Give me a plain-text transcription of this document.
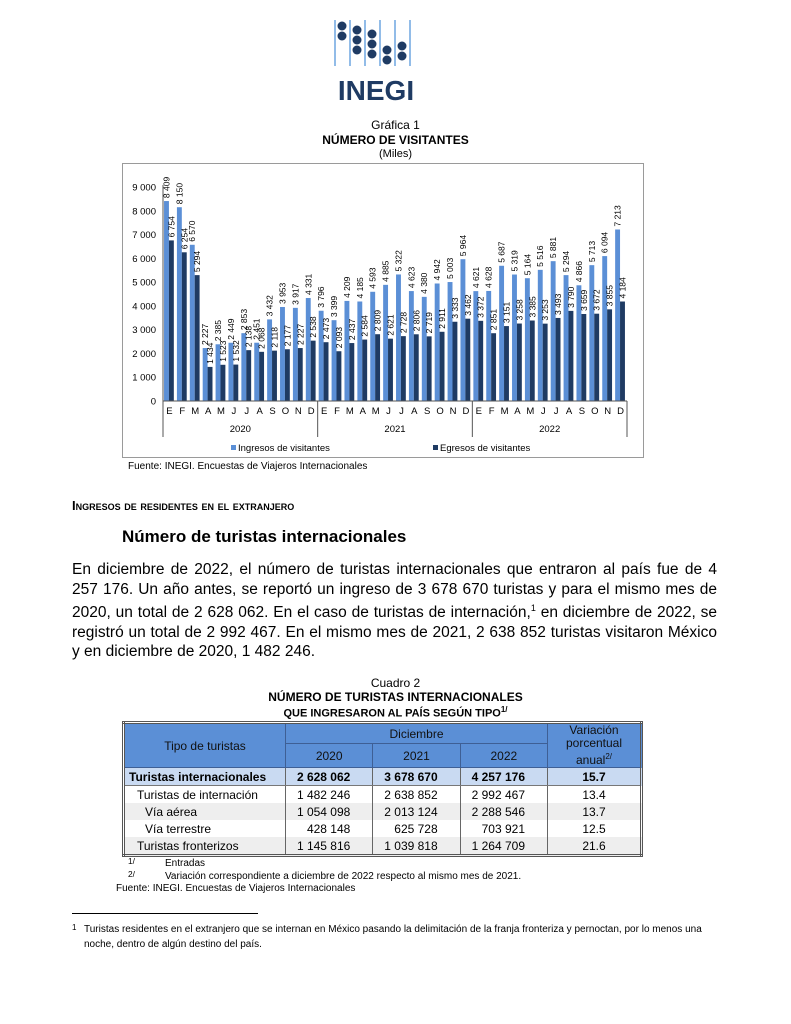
INEGI
Gráfica 1
NÚMERO DE VISITANTES
(Miles)
0
1 000
2 000
3 000
4 000
5 000
6 000
7 000
8 000
9 000 8 409
6 754
E
8 150
6 254
F
6 570
5 294
M
2 227
1 434
A
2 385
1 523
M
2 449
1 532
J
2 853
2 138
J
2 451
2 068
A
3 432
2 118
S
3 953
2 177
O
3 917
2 227
N
4 331
2 538
D
3 796
2 473
E
3 399
2 093
F
4 209
2 437
M
4 185
2 584
A
4 593
2 809
M
4 885
2 621
J
5 322
2 728
J
4 623
2 806
A
4 380
2 719
S
4 942
2 911
O
5 003
3 333
N
5 964
3 462
D
4 621
3 372
E
4 628
2 851
F
5 687
3 151
M
5 319
3 258
A
5 164
3 385
M
5 516
3 253
J
5 881
3 493
J
5 294
3 790
A
4 866
3 659
S
5 713
3 672
O
6 094
3 855
N
7 213
4 184
D
2020	2021	2022
Ingresos de visitantes	Egresos de visitantes
Fuente: INEGI. Encuestas de Viajeros Internacionales
Ingresos de residentes en el extranjero
Número de turistas internacionales
En diciembre de 2022, el número de turistas internacionales que entraron al país fue de 4 257 176. Un año antes, se reportó un ingreso de 3 678 670 turistas y para el mismo mes de 2020, un total de 2 628 062. En el caso de turistas de internación,$^1$ en diciembre de 2022, se registró un total de 2 992 467. En el mismo mes de 2021, 2 638 852 turistas visitaron México y en diciembre de 2020, 1 482 246.
Cuadro 2
NÚMERO DE TURISTAS INTERNACIONALES
QUE INGRESARON AL PAÍS SEGÚN $TIPO^{1/}$
Tipo de turistas	Diciembre			Variación porcentual anual$^{2/}$
	2020	2021	2022	
Turistas internacionales	2 628 062	3 678 670	4 257 176	15.7
Turistas de internación	1 482 246	2 638 852	2 992 467	13.4
Vía aérea	1 054 098	2 013 124	2 288 546	13.7
Vía terrestre	428 148	625 728	703 921	12.5
Turistas fronterizos	1 145 816	1 039 818	1 264 709	21.6
$^{1/}$	Entradas
$^{2/}$	Variación correspondiente a diciembre de 2022 respecto al mismo mes de 2021.
Fuente: INEGI. Encuestas de Viajeros Internacionales
1 Turistas residentes en el extranjero que se internan en México pasando la delimitación de la franja fronteriza y pernoctan, por lo menos una noche, dentro de algún destino del país.
